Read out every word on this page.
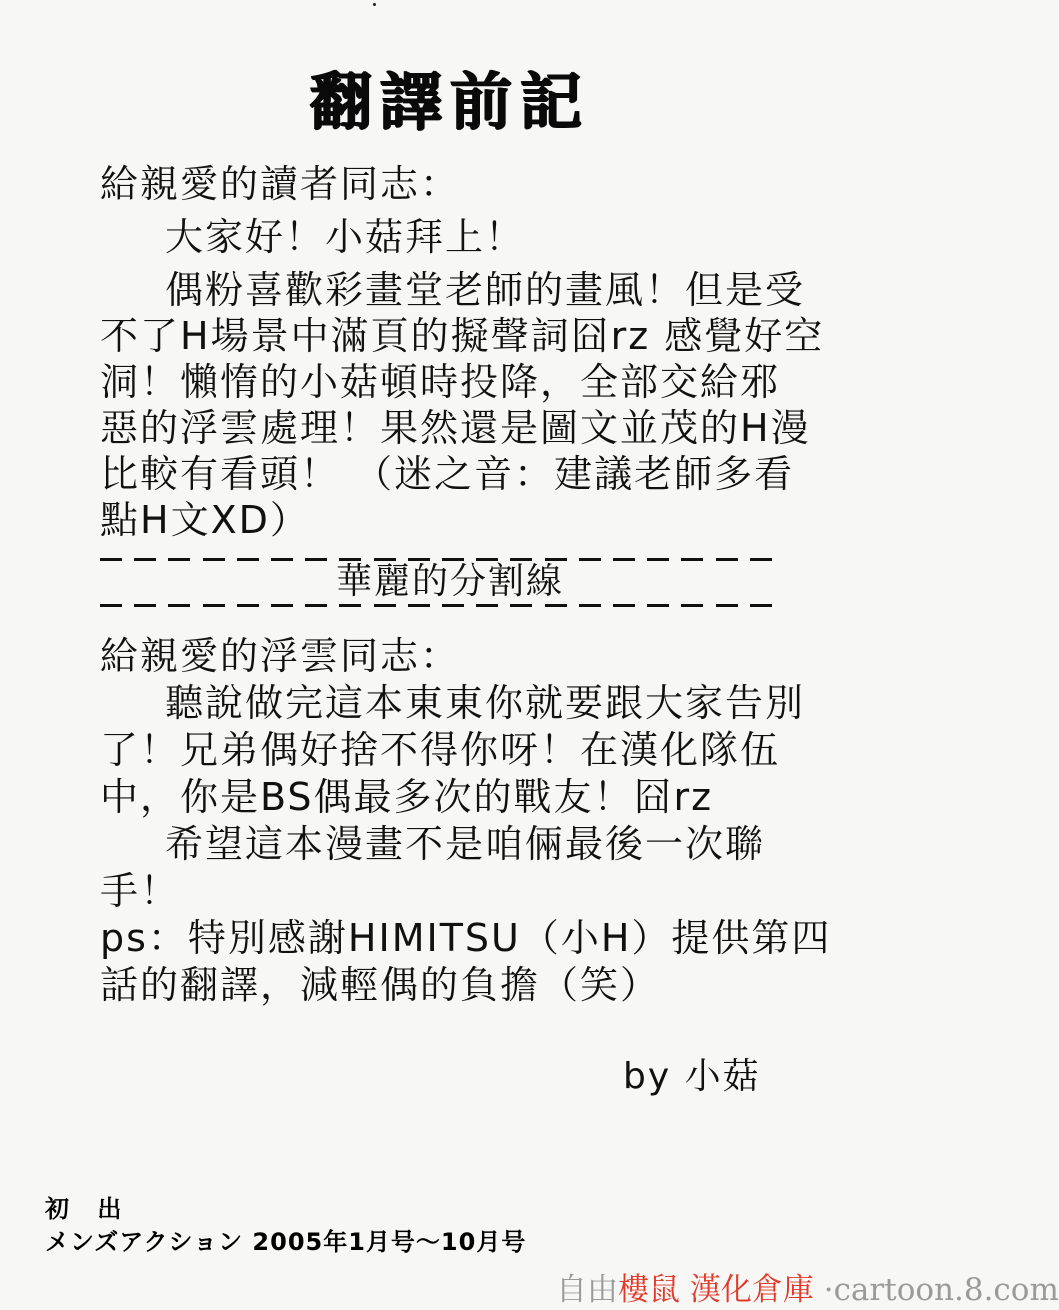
翻譯前記
給親愛的讀者同志：
大家好！小菇拜上！
偶粉喜歡彩畫堂老師的畫風！但是受
不了H場景中滿頁的擬聲詞囧rz 感覺好空
洞！懶惰的小菇頓時投降，全部交給邪
惡的浮雲處理！果然還是圖文並茂的H漫
比較有看頭！ （迷之音：建議老師多看
點H文XD）
華麗的分割線
給親愛的浮雲同志：
聽說做完這本東東你就要跟大家告別
了！兄弟偶好捨不得你呀！在漢化隊伍
中，你是BS偶最多次的戰友！囧rz
希望這本漫畫不是咱倆最後一次聯
手！
ps：特別感謝HIMITSU（小H）提供第四
話的翻譯，減輕偶的負擔（笑）
by 小菇
初 出
メンズアクション 2005年1月号～10月号
自由樓鼠 漢化倉庫 ·cartoon.8.com
